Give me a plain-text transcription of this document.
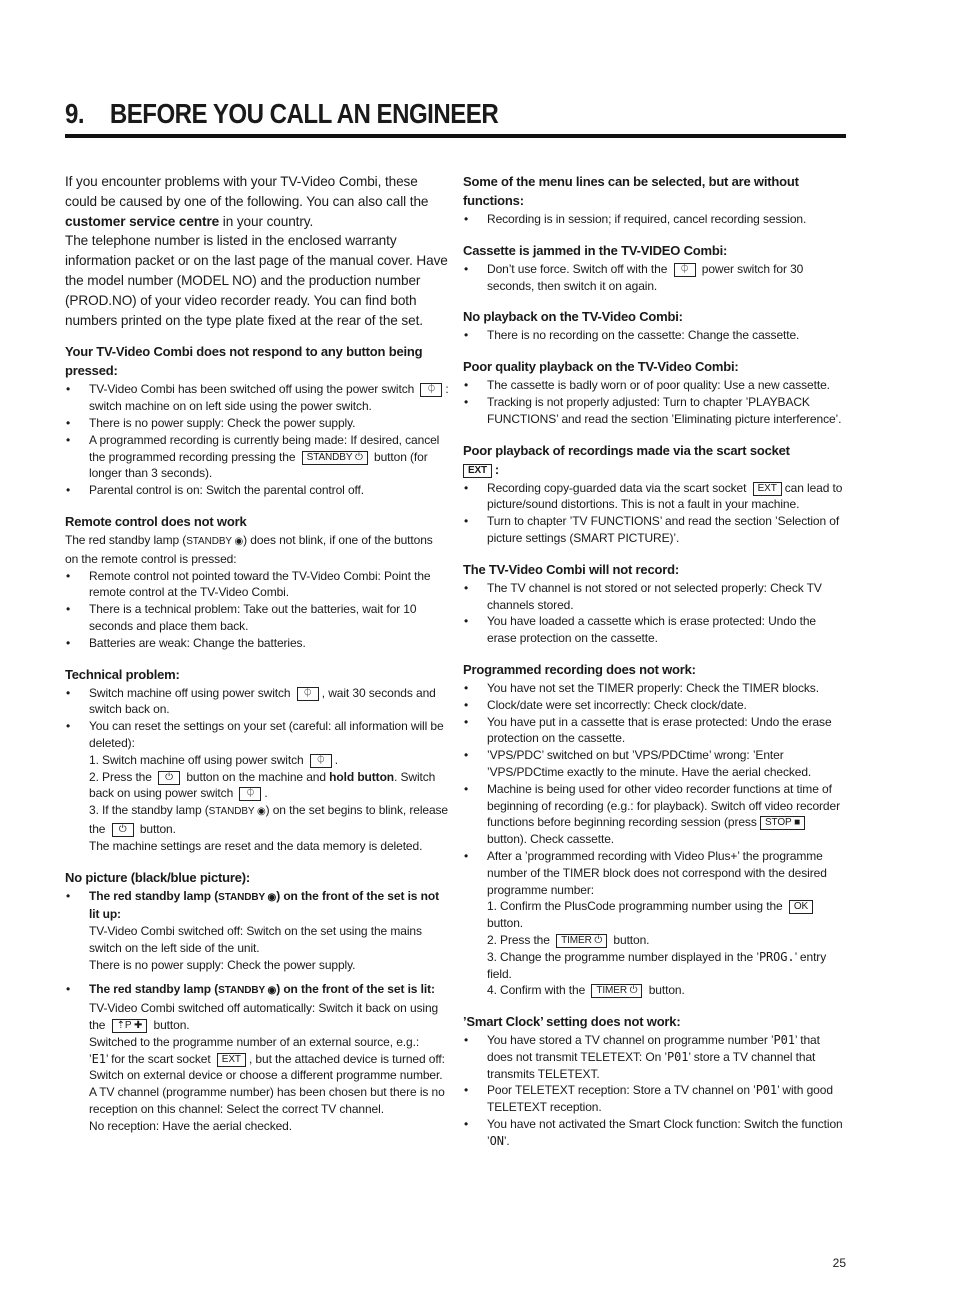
9. BEFORE YOU CALL AN ENGINEER

If you encounter problems with your TV-Video Combi, these could be caused by one of the following. You can also call the customer service centre in your country.

The telephone number is listed in the enclosed warranty information packet or on the last page of the manual cover. Have the model number (MODEL NO) and the production number (PROD.NO) of your video recorder ready. You can find both numbers printed on the type plate fixed at the rear of the set.

Your TV-Video Combi does not respond to any button being pressed:
• TV-Video Combi has been switched off using the power switch ⏀ : switch machine on on left side using the power switch.
• There is no power supply: Check the power supply.
• A programmed recording is currently being made: If desired, cancel the programmed recording pressing the STANDBY ⏻ button (for longer than 3 seconds).
• Parental control is on: Switch the parental control off.
Remote control does not work

The red standby lamp (STANDBY ◉) does not blink, if one of the buttons on the remote control is pressed:

• Remote control not pointed toward the TV-Video Combi: Point the remote control at the TV-Video Combi.
• There is a technical problem: Take out the batteries, wait for 10 seconds and place them back.
• Batteries are weak: Change the batteries.
Technical problem:
• Switch machine off using power switch ⏀ , wait 30 seconds and switch back on.
• You can reset the settings on your set (careful: all information will be deleted):
1. Switch machine off using power switch ⏀ .
2. Press the ⏻ button on the machine and hold button. Switch back on using power switch ⏀ .
3. If the standby lamp (STANDBY ◉) on the set begins to blink, release the ⏻ button.
The machine settings are reset and the data memory is deleted.
No picture (black/blue picture):
• The red standby lamp (STANDBY ◉) on the front of the set is not lit up:
TV-Video Combi switched off: Switch on the set using the mains switch on the left side of the unit.
There is no power supply: Check the power supply.
• The red standby lamp (STANDBY ◉) on the front of the set is lit:
TV-Video Combi switched off automatically: Switch it back on using the ⇡P ✚ button.
Switched to the programme number of an external source, e.g.:
’E1’ for the scart socket EXT , but the attached device is turned off: Switch on external device or choose a different programme number.
A TV channel (programme number) has been chosen but there is no reception on this channel: Select the correct TV channel.
No reception: Have the aerial checked.
Some of the menu lines can be selected, but are without functions:
• Recording is in session; if required, cancel recording session.
Cassette is jammed in the TV-VIDEO Combi:
• Don’t use force. Switch off with the ⏀ power switch for 30 seconds, then switch it on again.
No playback on the TV-Video Combi:
• There is no recording on the cassette: Change the cassette.
Poor quality playback on the TV-Video Combi:
• The cassette is badly worn or of poor quality: Use a new cassette.
• Tracking is not properly adjusted: Turn to chapter ’PLAYBACK FUNCTIONS’ and read the section ’Eliminating picture interference’.
Poor playback of recordings made via the scart socket
EXT :
• Recording copy-guarded data via the scart socket EXT can lead to picture/sound distortions. This is not a fault in your machine.
• Turn to chapter ’TV FUNCTIONS’ and read the section ’Selection of picture settings (SMART PICTURE)’.
The TV-Video Combi will not record:
• The TV channel is not stored or not selected properly: Check TV channels stored.
• You have loaded a cassette which is erase protected: Undo the erase protection on the cassette.
Programmed recording does not work:
• You have not set the TIMER properly: Check the TIMER blocks.
• Clock/date were set incorrectly: Check clock/date.
• You have put in a cassette that is erase protected: Undo the erase protection on the cassette.
• ’VPS/PDC’ switched on but ’VPS/PDCtime’ wrong: ’Enter ’VPS/PDCtime exactly to the minute. Have the aerial checked.
• Machine is being used for other video recorder functions at time of beginning of recording (e.g.: for playback). Switch off video recorder functions before beginning recording session (press STOP ■ button). Check cassette.
• After a ’programmed recording with Video Plus+’ the programme number of the TIMER block does not correspond with the desired programme number:
1. Confirm the PlusCode programming number using the OK button.
2. Press the TIMER ⏻ button.
3. Change the programme number displayed in the ’PROG.’ entry field.
4. Confirm with the TIMER ⏻ button.
’Smart Clock’ setting does not work:
• You have stored a TV channel on programme number ’P01’ that does not transmit TELETEXT: On ’P01’ store a TV channel that transmits TELETEXT.
• Poor TELETEXT reception: Store a TV channel on ’P01’ with good TELETEXT reception.
• You have not activated the Smart Clock function: Switch the function ’ON’.
25
